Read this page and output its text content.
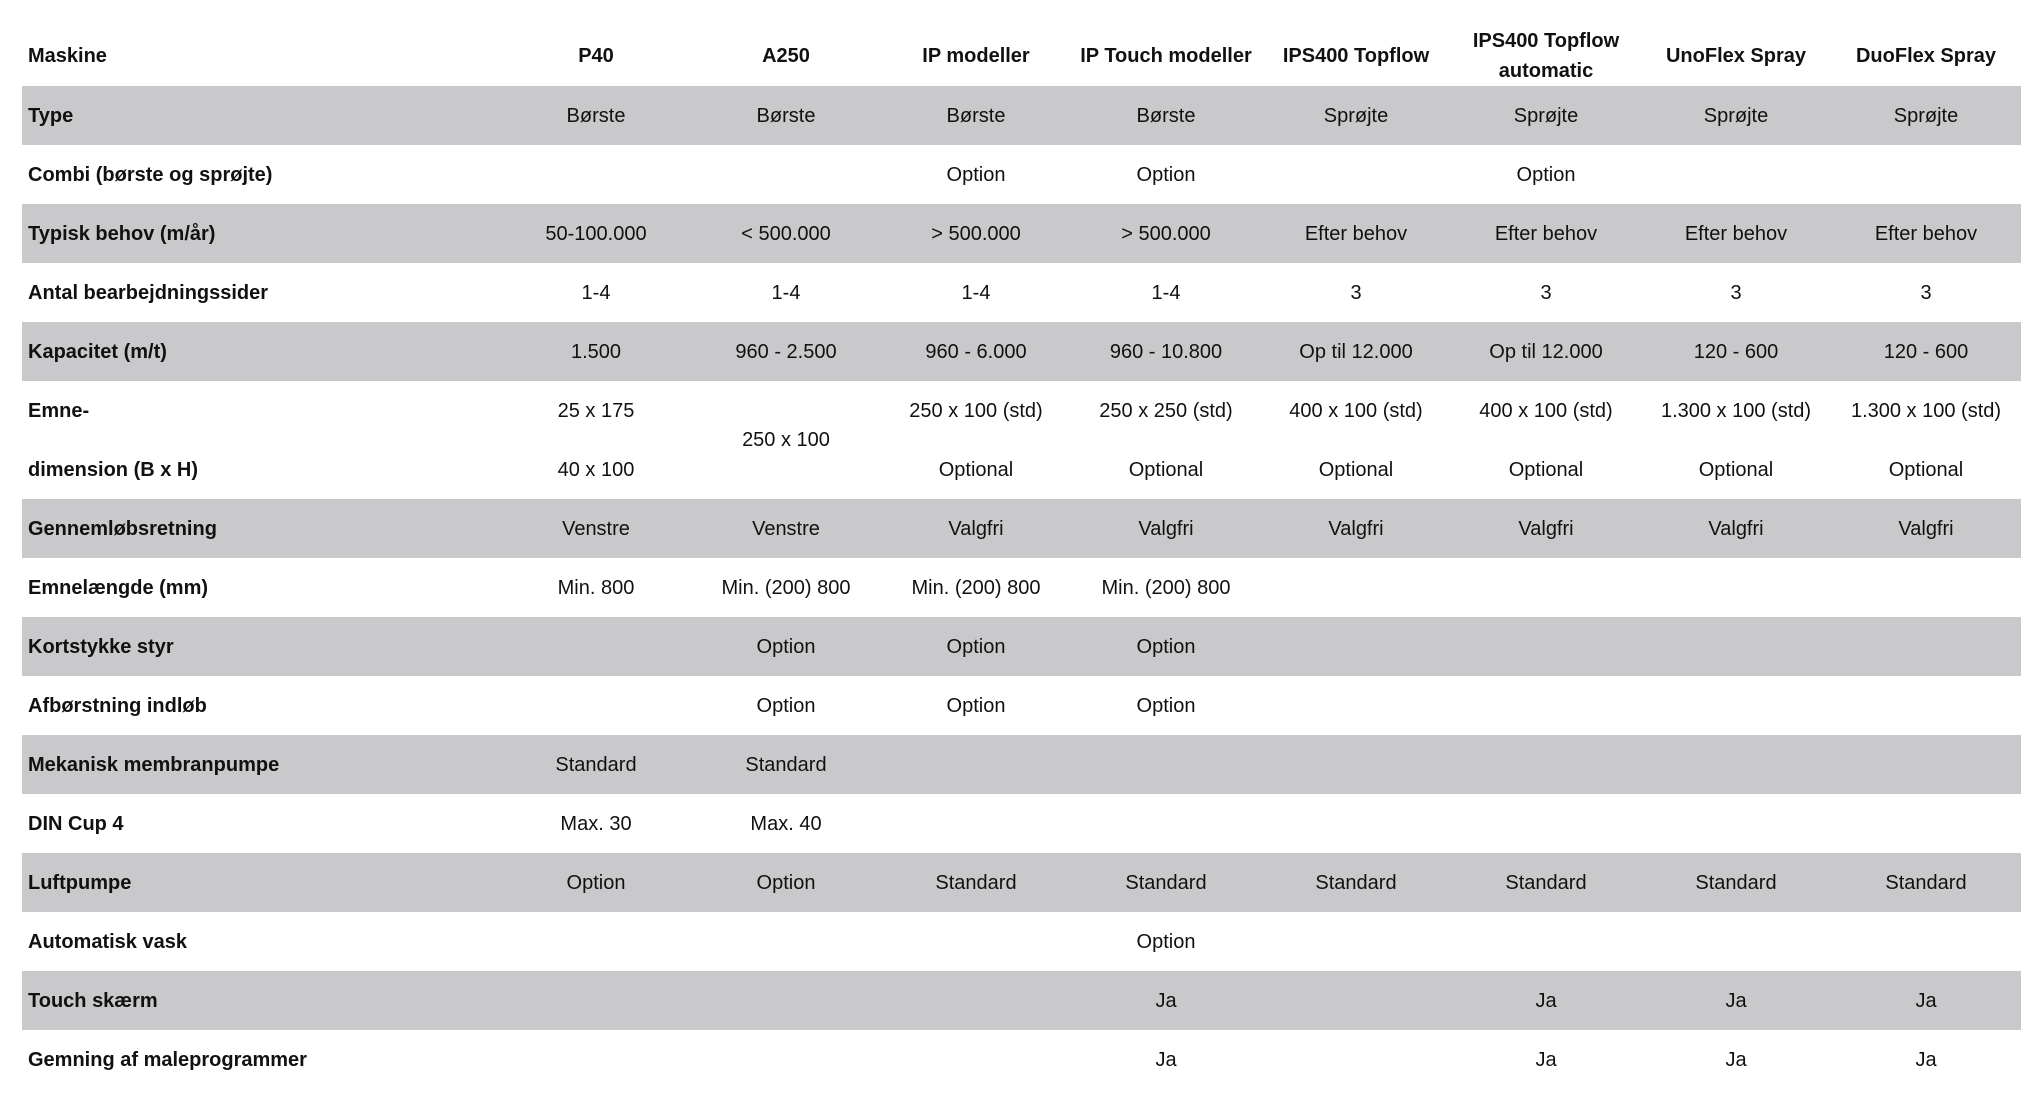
Maskine	P40	A250	IP modeller	IP Touch modeller	IPS400 Topflow	IPS400 Topflow automatic	UnoFlex Spray	DuoFlex Spray
Type	Børste	Børste	Børste	Børste	Sprøjte	Sprøjte	Sprøjte	Sprøjte
Combi (børste og sprøjte)			Option	Option		Option		
Typisk behov (m/år)	50-100.000	< 500.000	> 500.000	> 500.000	Efter behov	Efter behov	Efter behov	Efter behov
Antal bearbejdningssider	1-4	1-4	1-4	1-4	3	3	3	3
Kapacitet (m/t)	1.500	960 - 2.500	960 - 6.000	960 - 10.800	Op til 12.000	Op til 12.000	120 - 600	120 - 600
Emne-	25 x 175	250 x 100	250 x 100 (std)	250 x 250 (std)	400 x 100 (std)	400 x 100 (std)	1.300 x 100 (std)	1.300 x 100 (std)
dimension (B x H)	40 x 100		Optional	Optional	Optional	Optional	Optional	Optional
Gennemløbsretning	Venstre	Venstre	Valgfri	Valgfri	Valgfri	Valgfri	Valgfri	Valgfri
Emnelængde (mm)	Min. 800	Min. (200) 800	Min. (200) 800	Min. (200) 800				
Kortstykke styr		Option	Option	Option				
Afbørstning indløb		Option	Option	Option				
Mekanisk membranpumpe	Standard	Standard						
DIN Cup 4	Max. 30	Max. 40						
Luftpumpe	Option	Option	Standard	Standard	Standard	Standard	Standard	Standard
Automatisk vask				Option				
Touch skærm				Ja		Ja	Ja	Ja
Gemning af maleprogrammer				Ja		Ja	Ja	Ja
